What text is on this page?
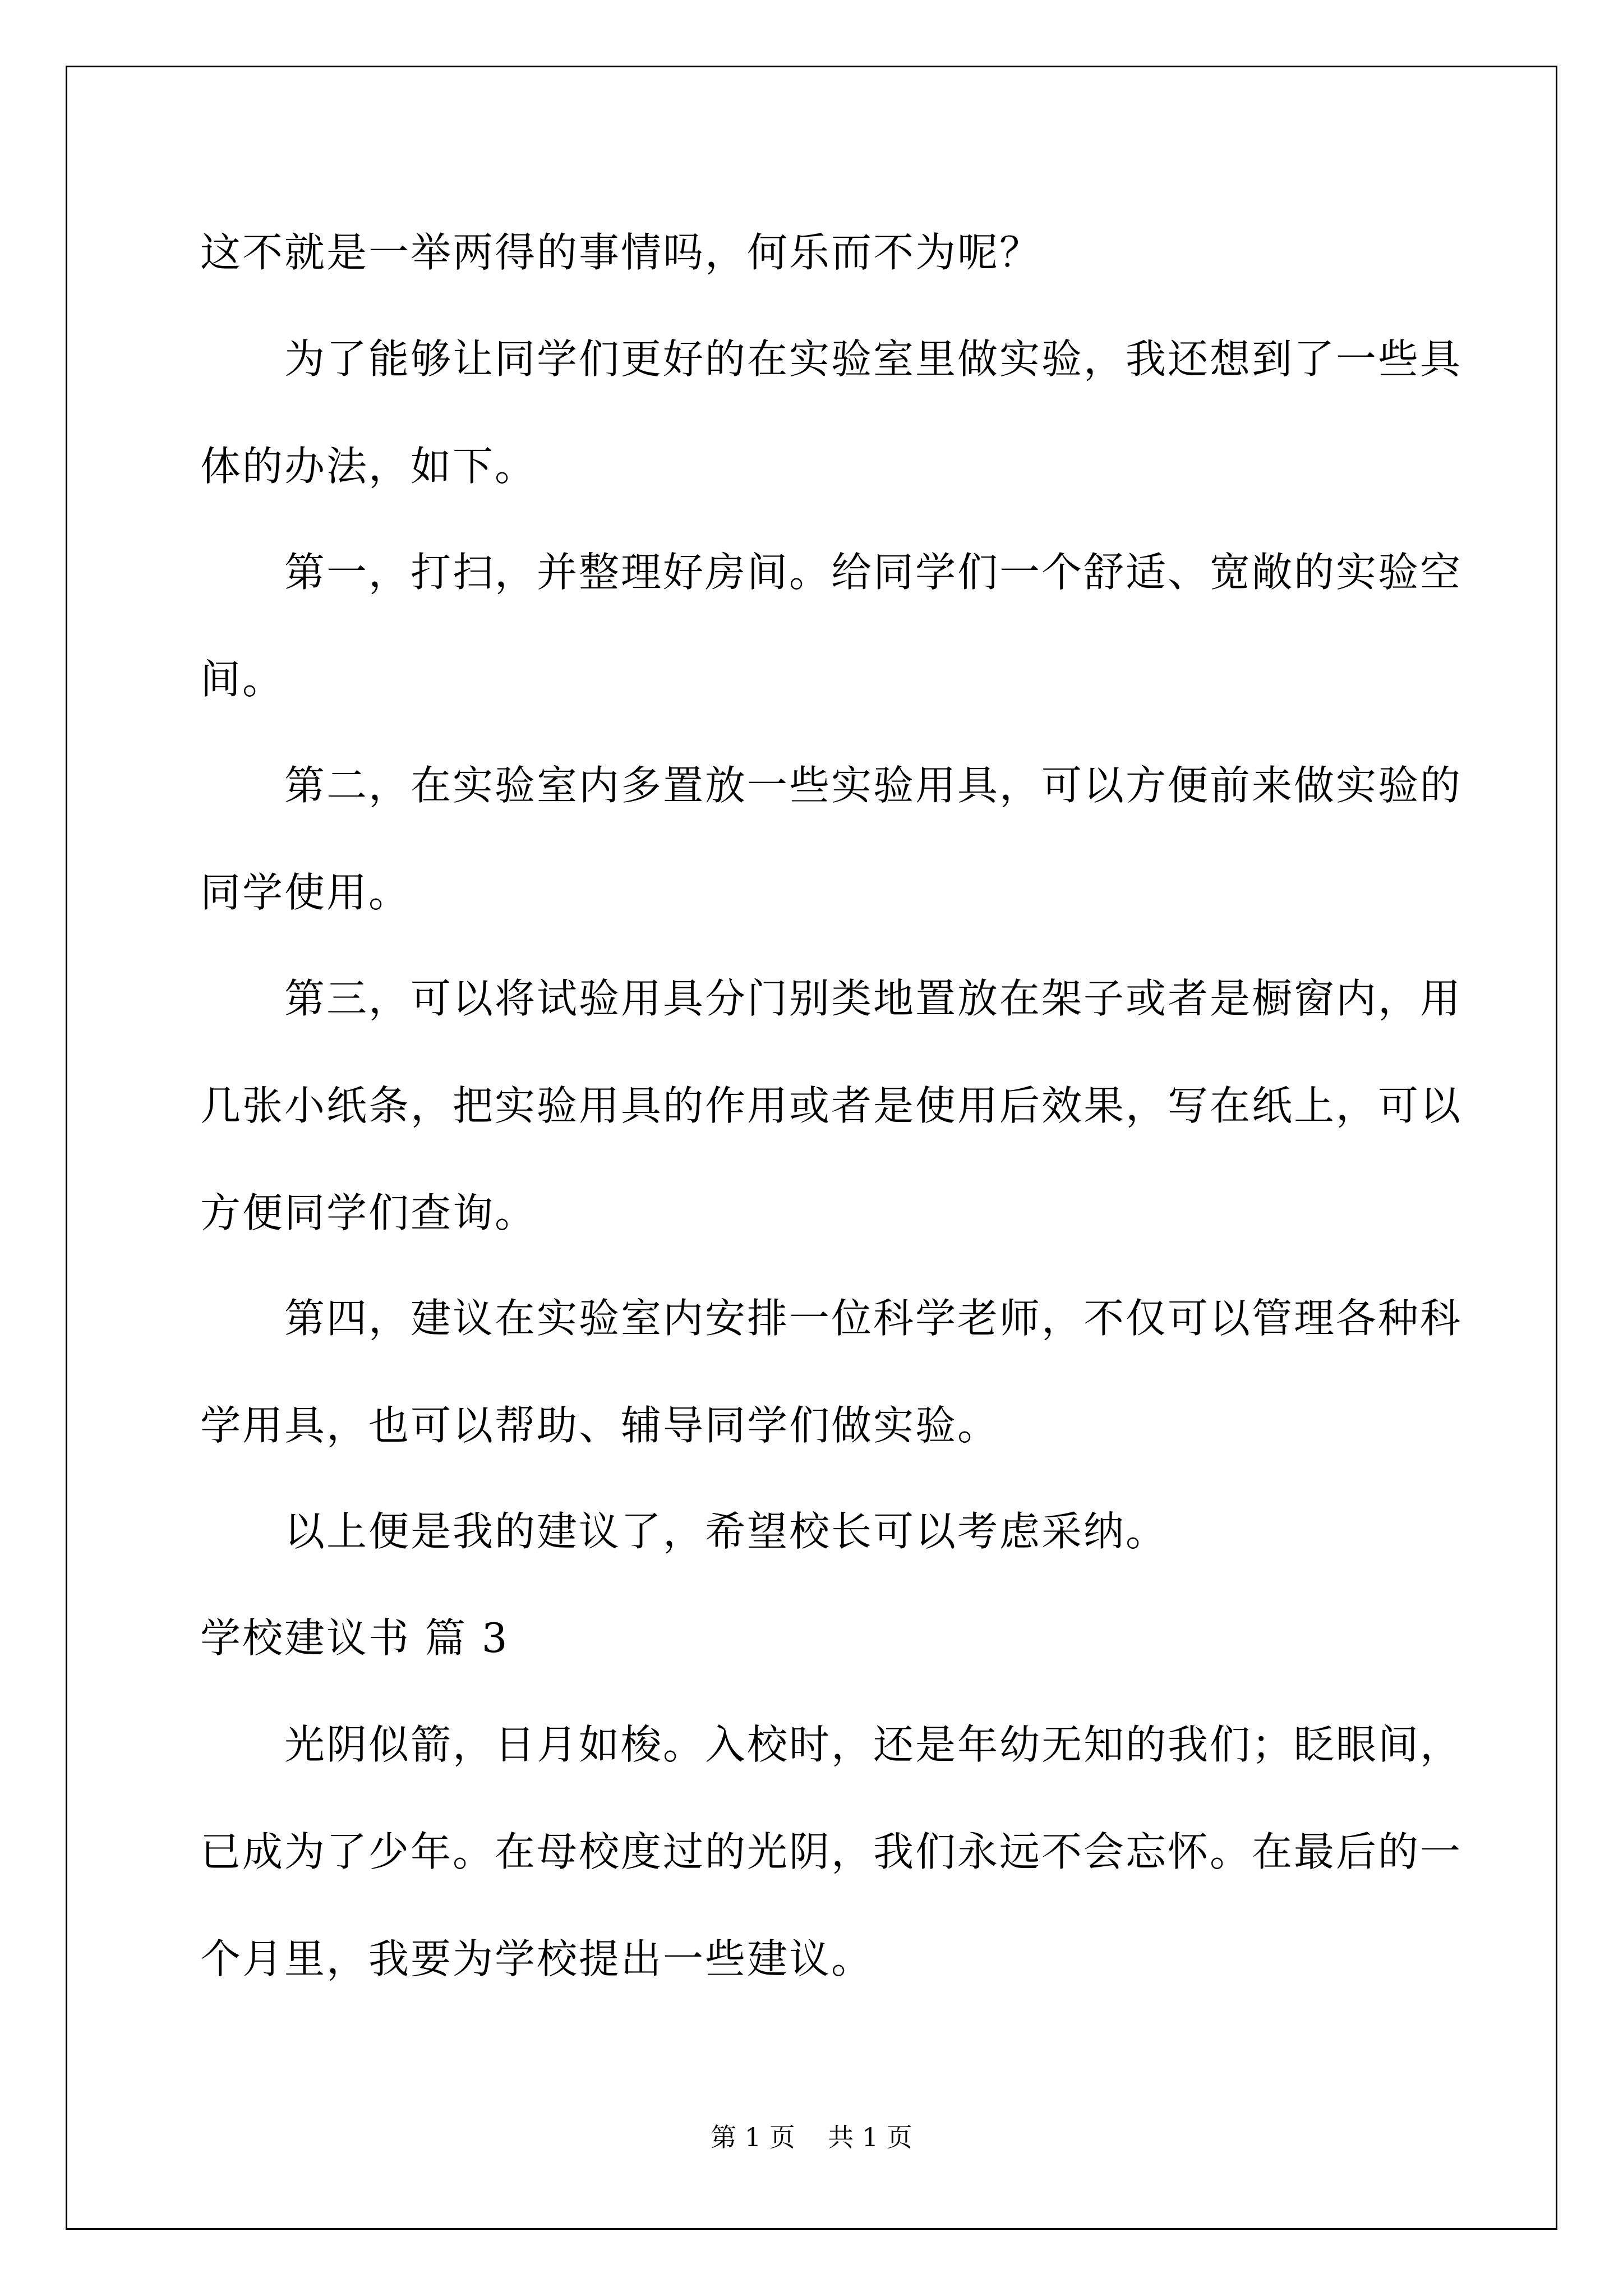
这不就是一举两得的事情吗，何乐而不为呢？

为了能够让同学们更好的在实验室里做实验，我还想到了一些具
体的办法，如下。

第一，打扫，并整理好房间。给同学们一个舒适、宽敞的实验空
间。

第二，在实验室内多置放一些实验用具，可以方便前来做实验的
同学使用。

第三，可以将试验用具分门别类地置放在架子或者是橱窗内，用
几张小纸条，把实验用具的作用或者是使用后效果，写在纸上，可以
方便同学们查询。

第四，建议在实验室内安排一位科学老师，不仅可以管理各种科
学用具，也可以帮助、辅导同学们做实验。

以上便是我的建议了，希望校长可以考虑采纳。

学校建议书 篇 3

光阴似箭，日月如梭。入校时，还是年幼无知的我们；眨眼间，
已成为了少年。在母校度过的光阴，我们永远不会忘怀。在最后的一
个月里，我要为学校提出一些建议。

第 1 页    共 1 页
